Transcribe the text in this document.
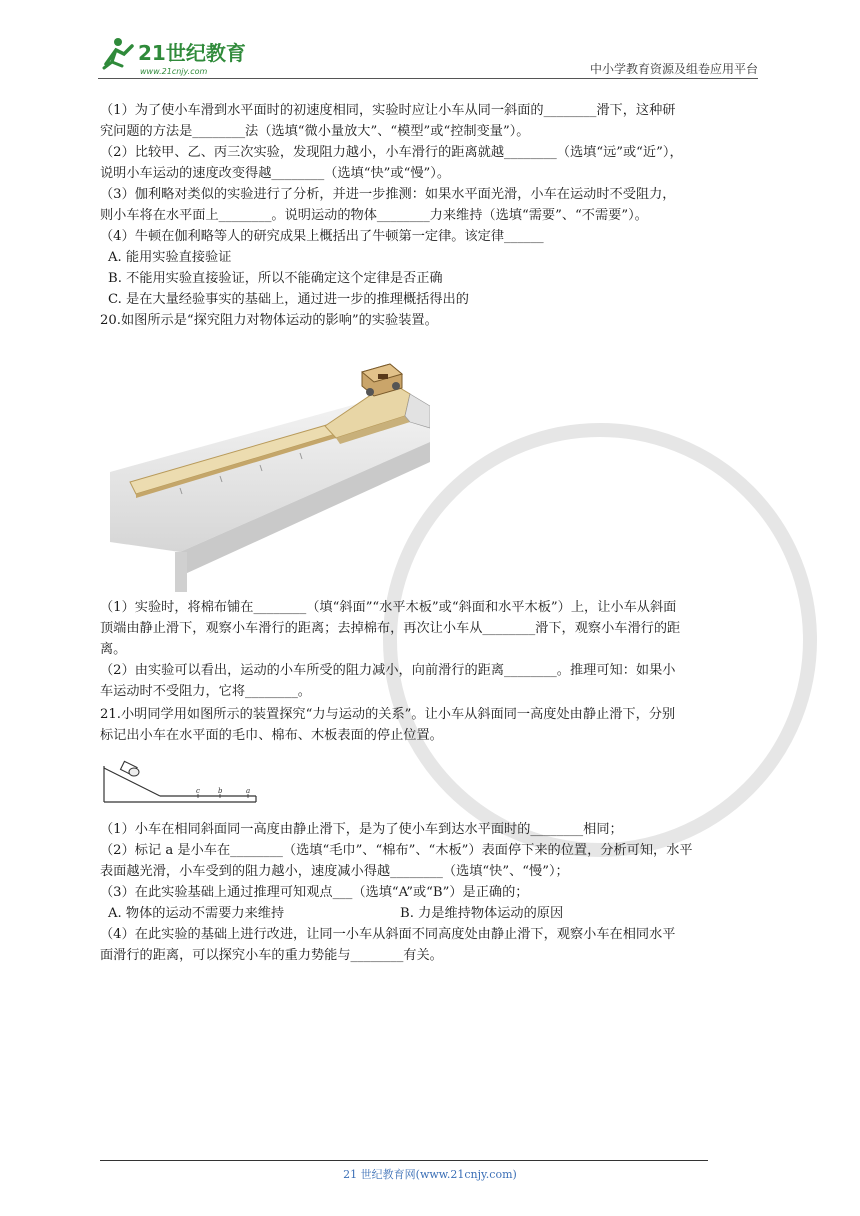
21世纪教育
www.21cnjy.com	中小学教育资源及组卷应用平台

（1）为了使小车滑到水平面时的初速度相同，实验时应让小车从同一斜面的________滑下，这种研

究问题的方法是________法（选填“微小量放大”、“模型”或“控制变量”）。

（2）比较甲、乙、丙三次实验，发现阻力越小，小车滑行的距离就越________（选填“远”或“近”），

说明小车运动的速度改变得越________（选填“快”或“慢”）。

（3）伽利略对类似的实验进行了分析，并进一步推测：如果水平面光滑，小车在运动时不受阻力，

则小车将在水平面上________。说明运动的物体________力来维持（选填“需要”、“不需要”）。

（4）牛顿在伽利略等人的研究成果上概括出了牛顿第一定律。该定律______

A. 能用实验直接验证

B. 不能用实验直接验证，所以不能确定这个定律是否正确

C. 是在大量经验事实的基础上，通过进一步的推理概括得出的

20.如图所示是“探究阻力对物体运动的影响”的实验装置。

（1）实验时，将棉布铺在________（填“斜面”“水平木板”或“斜面和水平木板”）上，让小车从斜面

顶端由静止滑下，观察小车滑行的距离；去掉棉布，再次让小车从________滑下，观察小车滑行的距

离。

（2）由实验可以看出，运动的小车所受的阻力减小，向前滑行的距离________。推理可知：如果小

车运动时不受阻力，它将________。

21.小明同学用如图所示的装置探究“力与运动的关系”。让小车从斜面同一高度处由静止滑下，分别

标记出小车在水平面的毛巾、棉布、木板表面的停止位置。

c	b	a

（1）小车在相同斜面同一高度由静止滑下，是为了使小车到达水平面时的________相同；

（2）标记 a 是小车在________（选填“毛巾”、“棉布”、“木板”）表面停下来的位置，分析可知，水平

表面越光滑，小车受到的阻力越小，速度减小得越________（选填“快”、“慢”）；

（3）在此实验基础上通过推理可知观点___（选填“A”或“B”）是正确的；

A. 物体的运动不需要力来维持	B. 力是维持物体运动的原因

（4）在此实验的基础上进行改进，让同一小车从斜面不同高度处由静止滑下，观察小车在相同水平

面滑行的距离，可以探究小车的重力势能与________有关。

21 世纪教育网(www.21cnjy.com)
